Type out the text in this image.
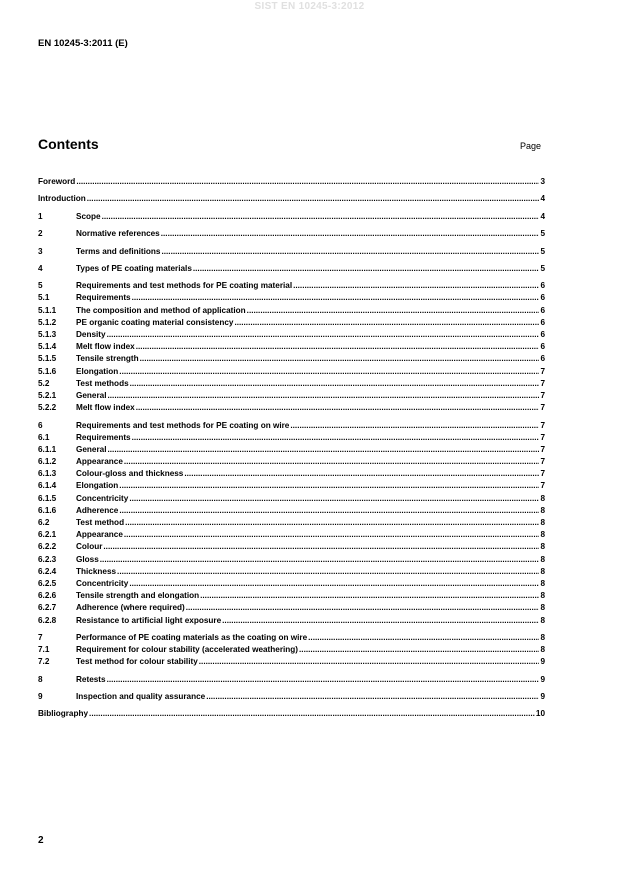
SIST EN 10245-3:2012
EN 10245-3:2011 (E)
Contents	Page
Foreword .....	3
Introduction .....	4
1	Scope .....	4
2	Normative references .....	5
3	Terms and definitions .....	5
4	Types of PE coating materials .....	5
5	Requirements and test methods for PE coating material .....	6
5.1	Requirements .....	6
5.1.1	The composition and method of application .....	6
5.1.2	PE organic coating material consistency .....	6
5.1.3	Density .....	6
5.1.4	Melt flow index .....	6
5.1.5	Tensile strength .....	6
5.1.6	Elongation .....	7
5.2	Test methods .....	7
5.2.1	General .....	7
5.2.2	Melt flow index .....	7
6	Requirements and test methods for PE coating on wire .....	7
6.1	Requirements .....	7
6.1.1	General .....	7
6.1.2	Appearance .....	7
6.1.3	Colour-gloss and thickness .....	7
6.1.4	Elongation .....	7
6.1.5	Concentricity .....	8
6.1.6	Adherence .....	8
6.2	Test method .....	8
6.2.1	Appearance .....	8
6.2.2	Colour .....	8
6.2.3	Gloss .....	8
6.2.4	Thickness .....	8
6.2.5	Concentricity .....	8
6.2.6	Tensile strength and elongation .....	8
6.2.7	Adherence (where required) .....	8
6.2.8	Resistance to artificial light exposure .....	8
7	Performance of PE coating materials as the coating on wire .....	8
7.1	Requirement for colour stability (accelerated weathering) .....	8
7.2	Test method for colour stability .....	9
8	Retests .....	9
9	Inspection and quality assurance .....	9
Bibliography .....	10
2
